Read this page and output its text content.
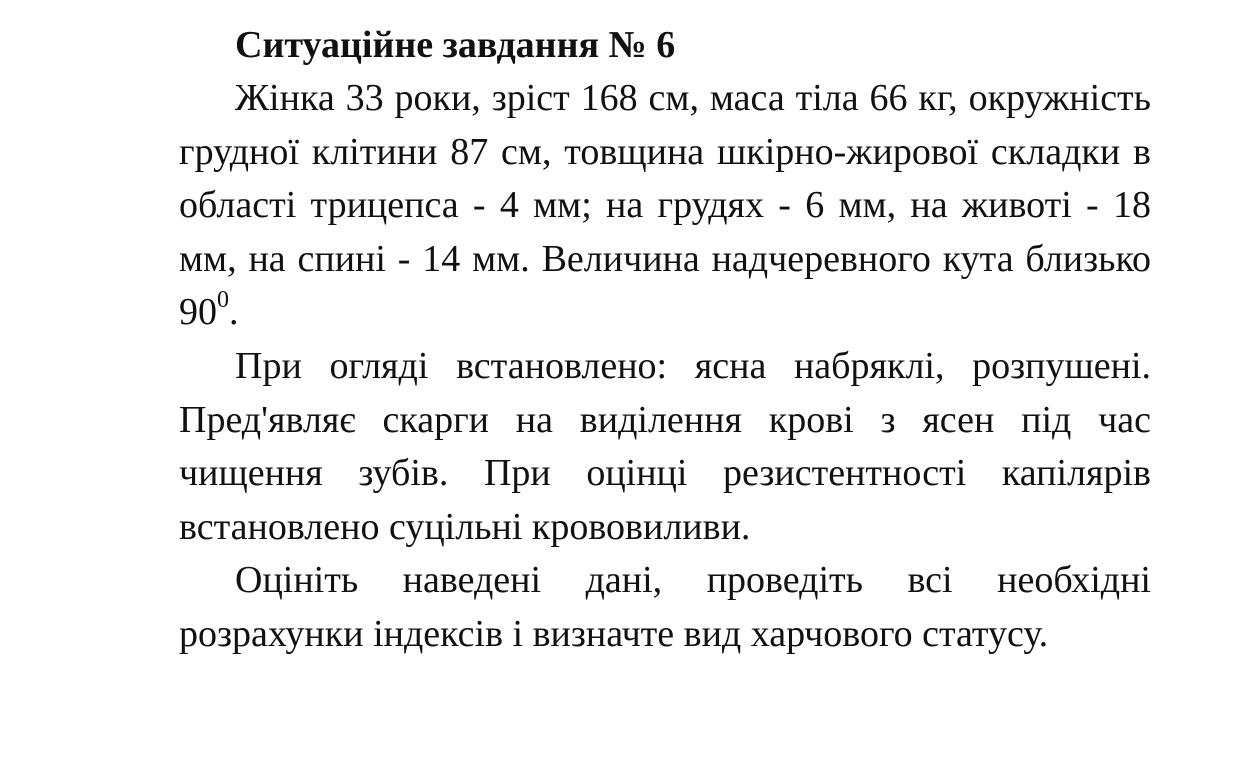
Ситуаційне завдання № 6

Жінка 33 роки, зріст 168 см, маса тіла 66 кг, окружність грудної клітини 87 см, товщина шкірно-жирової складки в області трицепса - 4 мм; на грудях - 6 мм, на животі - 18 мм, на спині - 14 мм. Величина надчеревного кута близько $90^0$.

При огляді встановлено: ясна набряклі, розпушені. Пред'являє скарги на виділення крові з ясен під час чищення зубів. При оцінці резистентності капілярів встановлено суцільні крововиливи.

Оцініть наведені дані, проведіть всі необхідні розрахунки індексів і визначте вид харчового статусу.
